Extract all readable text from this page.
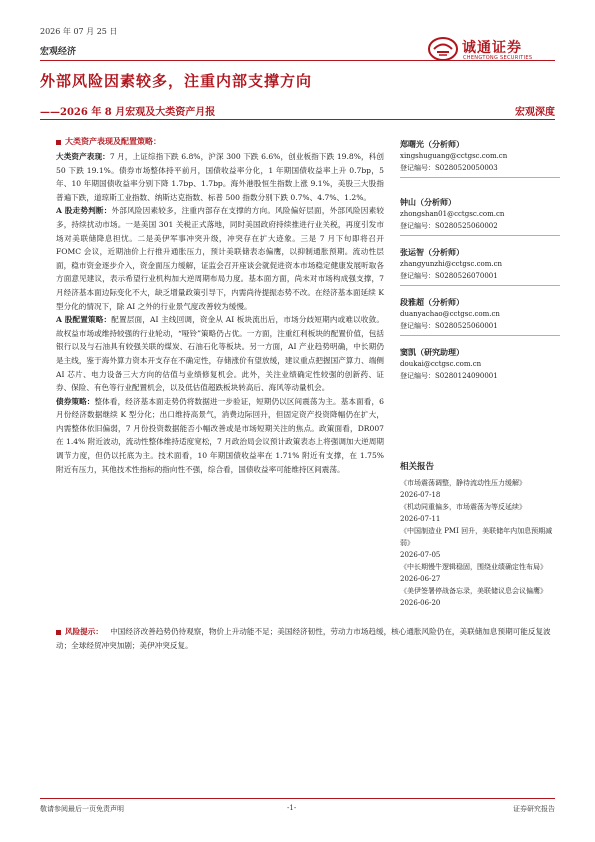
2026 年 07 月 25 日
宏观经济	诚通证券
CHENGTONG SECURITIES
外部风险因素较多，注重内部支撑方向
——2026 年 8 月宏观及大类资产月报	宏观深度
大类资产表现及配置策略：

大类资产表现：7 月，上证综指下跌 6.8%，沪深 300 下跌 6.6%，创业板指下跌 19.8%，科创 50 下跌 19.1%。债券市场整体持平前月，国债收益率分化，1 年期国债收益率上升 0.7bp，5 年、10 年期国债收益率分别下降 1.7bp、1.7bp。海外港股恒生指数上涨 9.1%，美股三大股指普遍下跌，道琼斯工业指数、纳斯达克指数、标普 500 指数分别下跌 0.7%、4.7%、1.2%。

A 股走势判断：外部风险因素较多，注重内部存在支撑的方向。风险偏好层面，外部风险因素较多，持续扰动市场。一是美国 301 关税正式落地，同时美国政府持续推进行业关税，再度引发市场对美联储降息担忧。二是美伊军事冲突升级，冲突存在扩大迹象。三是 7 月下旬即将召开 FOMC 会议，近期油价上行推升通胀压力，预计美联储表态偏鹰，以抑制通胀预期。流动性层面，稳市资金逐步介入，资金面压力缓解，证监会召开座谈会就促进资本市场稳定健康发展听取各方面意见建议，表示希望行业机构加大逆周期布局力度。基本面方面，尚未对市场构成强支撑，7 月经济基本面边际变化不大，缺乏增量政策引导下，内需尚待提振态势不改。在经济基本面延续 K 型分化的情况下，除 AI 之外的行业景气度改善较为缓慢。

A 股配置策略：配置层面，AI 主线回调，资金从 AI 板块流出后，市场分歧短期内或难以收敛。故权益市场或维持较强的行业轮动，“哑铃”策略仍占优。一方面，注重红利板块的配置价值，包括银行以及与石油具有较强关联的煤炭、石油石化等板块。另一方面，AI 产业趋势明确，中长期仍是主线，鉴于海外算力资本开支存在不确定性，存储涨价有望放缓，建议重点把握国产算力、端侧 AI 芯片、电力设备三大方向的估值与业绩修复机会。此外，关注业绩确定性较强的创新药、证券、保险、有色等行业配置机会，以及低估值超跌板块转高后、海风等动量机会。

债券策略：整体看，经济基本面走势仍将数据进一步验证，短期仍以区间震荡为主。基本面看，6 月份经济数据继续 K 型分化；出口维持高景气，消费边际回升，但固定资产投资降幅仍在扩大，内需整体依旧偏弱，7 月份投资数据能否小幅改善或是市场短期关注的焦点。政策面看，DR007 在 1.4% 附近波动，流动性整体维持适度宽松，7 月政治局会议预计政策表态上将强调加大逆周期调节力度，但仍以托底为主。技术面看，10 年期国债收益率在 1.71% 附近有支撑，在 1.75% 附近有压力，其他技术性指标的指向性不强，综合看，国债收益率可能维持区间震荡。

风险提示： 中国经济改善趋势仍待观察，物价上升动能不足；美国经济韧性，劳动力市场趋缓，核心通胀风险仍在，美联储加息预期可能反复波动；全球经贸冲突加剧；美伊冲突反复。
郑曙光（分析师）
xingshuguang@cctgsc.com.cn
登记编号：S0280520050003
钟山（分析师）
zhongshan01@cctgsc.com.cn
登记编号：S0280525060002
张运智（分析师）
zhangyunzhi@cctgsc.com.cn
登记编号：S0280526070001
段雅超（分析师）
duanyachao@cctgsc.com.cn
登记编号：S0280525060001
窦凯（研究助理）
doukai@cctgsc.com.cn
登记编号：S0280124090001
相关报告
《市场震荡调整，静待流动性压力缓解》
2026-07-18
《机动同重偏多，市场震荡为等反延续》
2026-07-11
《中国制造业 PMI 回升，美联储年内加息预期减弱》
2026-07-05
《中长期慢牛逻辑稳固，围绕业绩确定性布局》
2026-06-27
《美伊签署停战备忘录，美联储议息会议偏鹰》
2026-06-20
敬请参阅最后一页免责声明	-1-	证券研究报告
